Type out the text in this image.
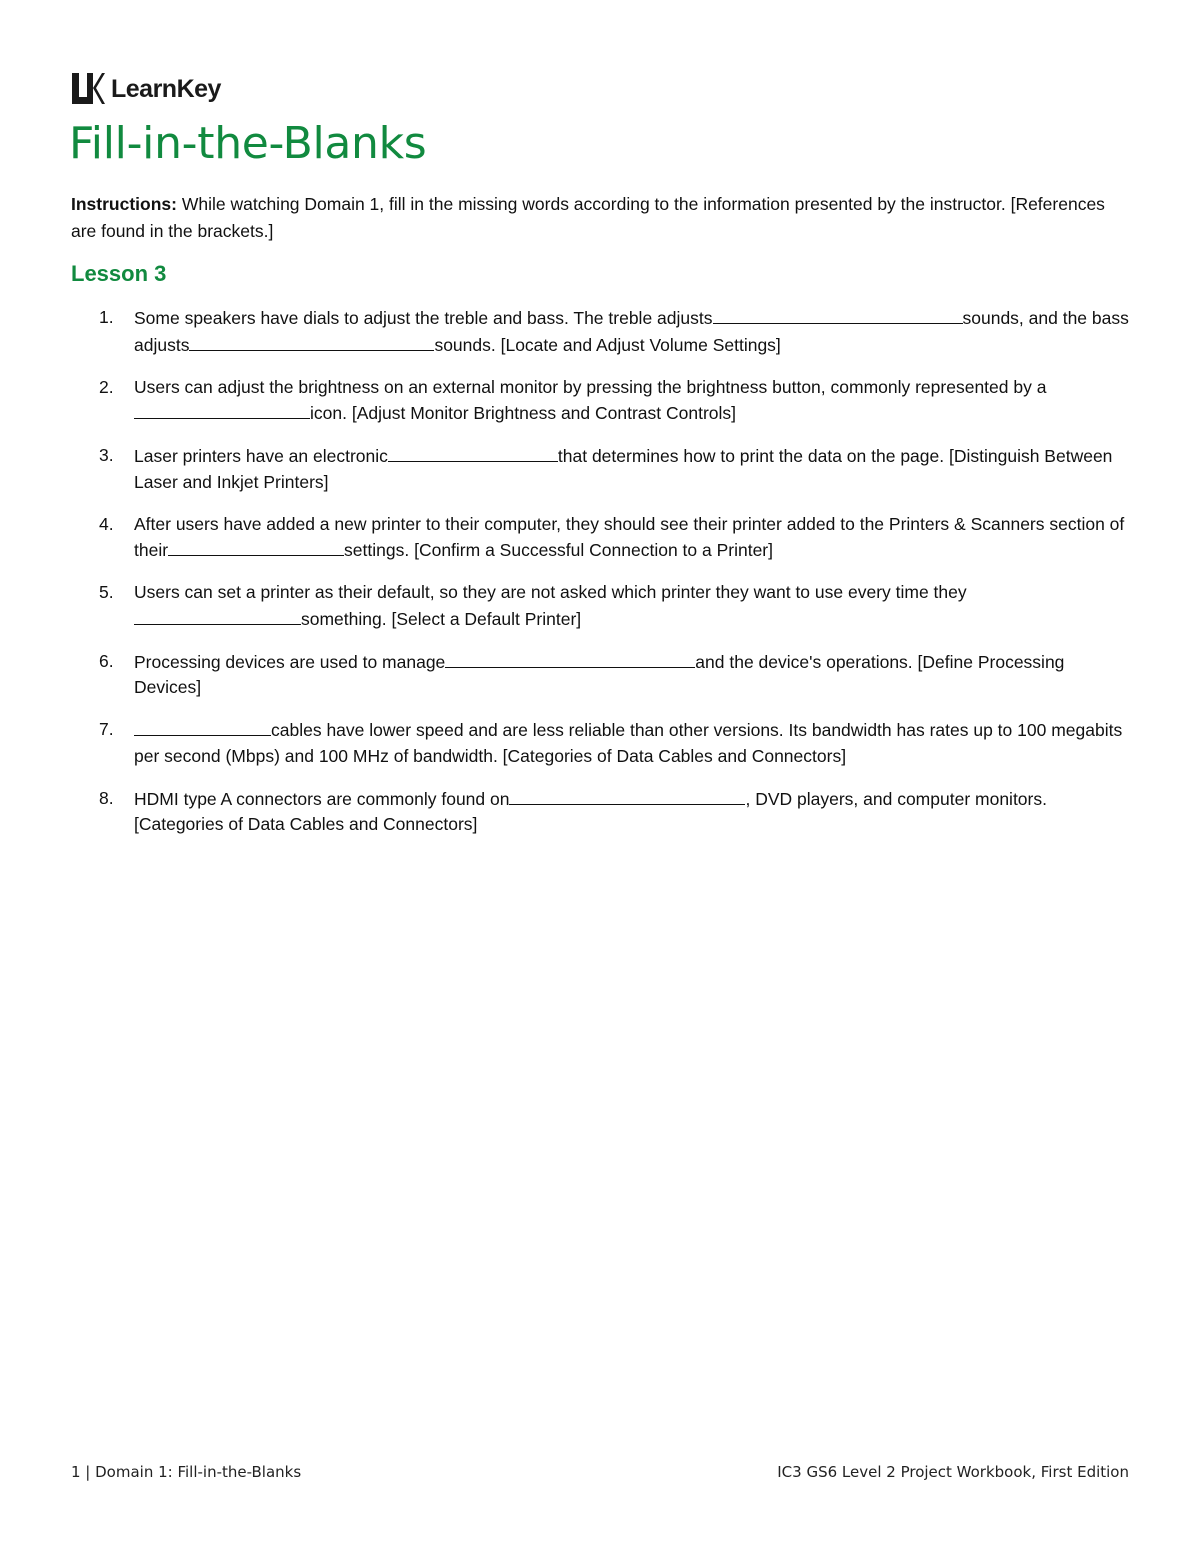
LearnKey
Fill-in-the-Blanks

Instructions: While watching Domain 1, fill in the missing words according to the information presented by the instructor. [References are found in the brackets.]

Lesson 3
1. Some speakers have dials to adjust the treble and bass. The treble adjusts	sounds, and the bass adjusts	sounds. [Locate and Adjust Volume Settings]
2. Users can adjust the brightness on an external monitor by pressing the brightness button, commonly represented by aicon. [Adjust Monitor Brightness and Contrast Controls]
3. Laser printers have an electronic	that determines how to print the data on the page. [Distinguish Between Laser and Inkjet Printers]
4. After users have added a new printer to their computer, they should see their printer added to the Printers & Scanners section of their	settings. [Confirm a Successful Connection to a Printer]
5. Users can set a printer as their default, so they are not asked which printer they want to use every time theysomething. [Select a Default Printer]
6. Processing devices are used to manage	and the device's operations. [Define Processing Devices]
7.	cables have lower speed and are less reliable than other versions. Its bandwidth has rates up to 100 megabits per second (Mbps) and 100 MHz of bandwidth. [Categories of Data Cables and Connectors]
8. HDMI type A connectors are commonly found on	, DVD players, and computer monitors. [Categories of Data Cables and Connectors]
1 | Domain 1: Fill-in-the-Blanks	IC3 GS6 Level 2 Project Workbook, First Edition
